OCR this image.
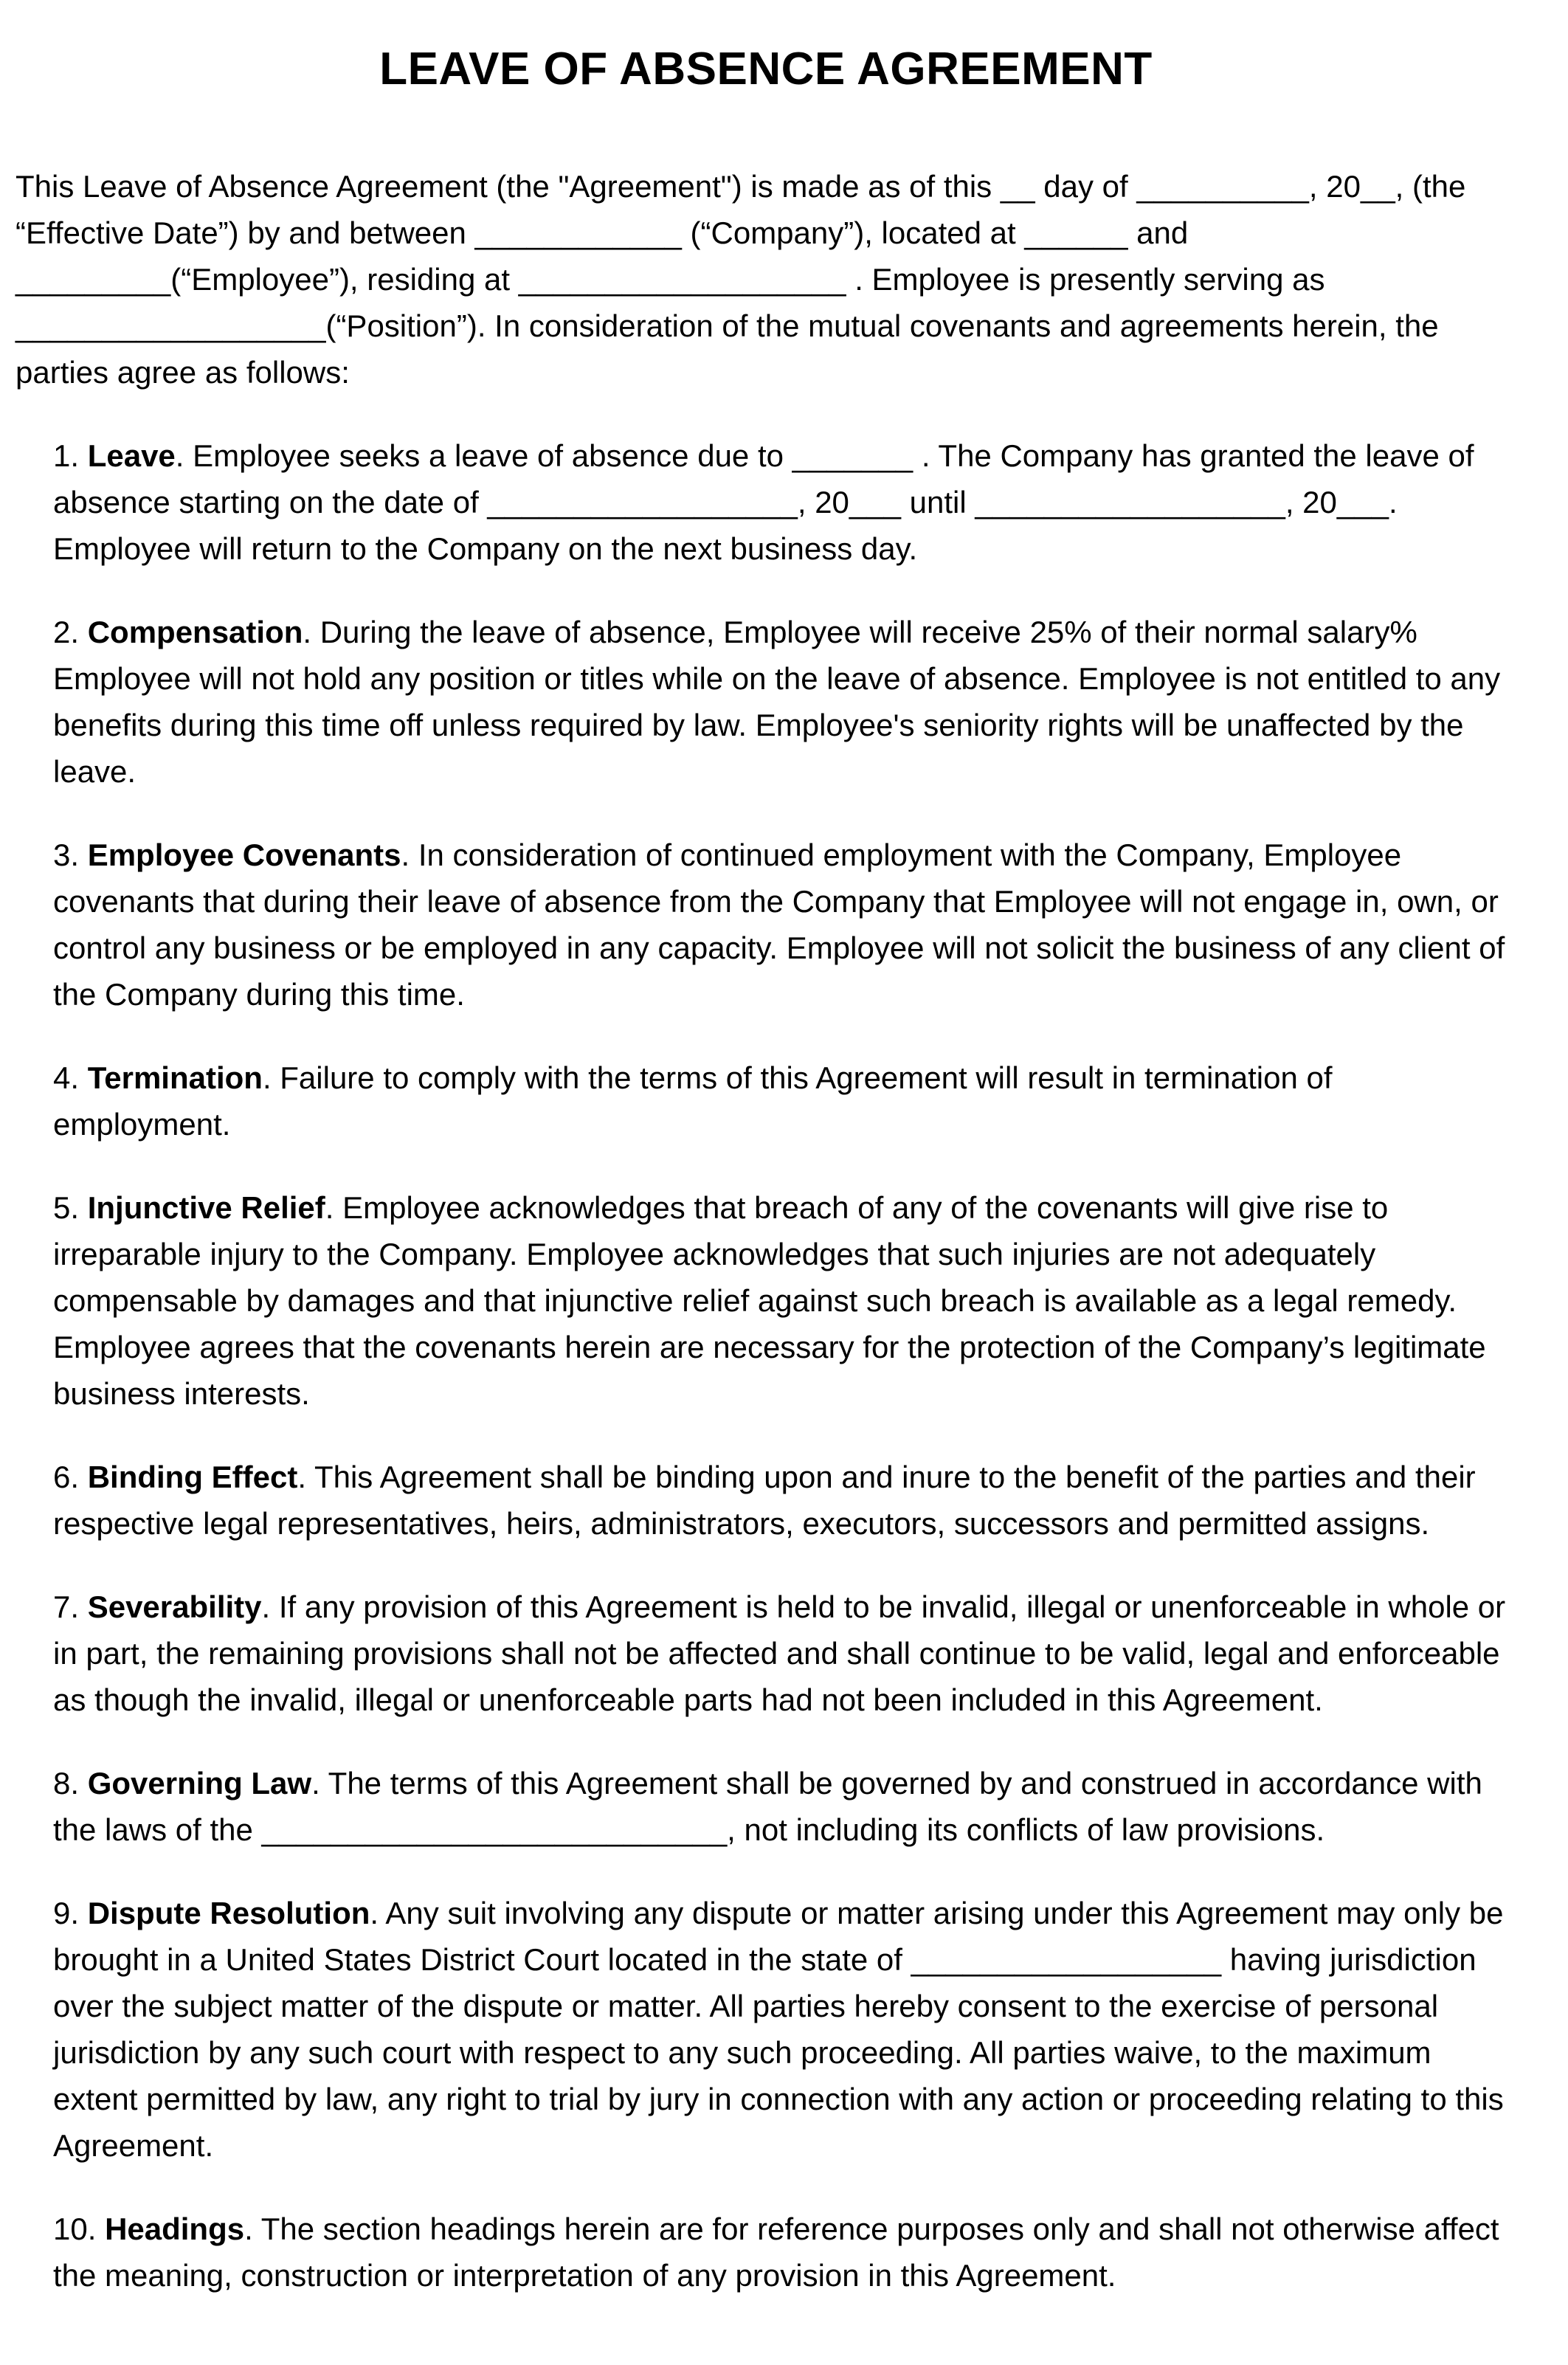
LEAVE OF ABSENCE AGREEMENT

This Leave of Absence Agreement (the "Agreement") is made as of this __ day of __________, 20__, (the “Effective Date”) by and between ____________ (“Company”), located at ______ and _________(“Employee”), residing at ___________________ . Employee is presently serving as __________________(“Position”). In consideration of the mutual covenants and agreements herein, the parties agree as follows:

1. Leave. Employee seeks a leave of absence due to _______ . The Company has granted the leave of absence starting on the date of __________________, 20___ until __________________, 20___. Employee will return to the Company on the next business day.

2. Compensation. During the leave of absence, Employee will receive 25% of their normal salary% Employee will not hold any position or titles while on the leave of absence. Employee is not entitled to any benefits during this time off unless required by law. Employee's seniority rights will be unaffected by the leave.

3. Employee Covenants. In consideration of continued employment with the Company, Employee covenants that during their leave of absence from the Company that Employee will not engage in, own, or control any business or be employed in any capacity. Employee will not solicit the business of any client of the Company during this time.

4. Termination. Failure to comply with the terms of this Agreement will result in termination of employment.

5. Injunctive Relief. Employee acknowledges that breach of any of the covenants will give rise to irreparable injury to the Company. Employee acknowledges that such injuries are not adequately compensable by damages and that injunctive relief against such breach is available as a legal remedy. Employee agrees that the covenants herein are necessary for the protection of the Company’s legitimate business interests.

6. Binding Effect. This Agreement shall be binding upon and inure to the benefit of the parties and their respective legal representatives, heirs, administrators, executors, successors and permitted assigns.

7. Severability. If any provision of this Agreement is held to be invalid, illegal or unenforceable in whole or in part, the remaining provisions shall not be affected and shall continue to be valid, legal and enforceable as though the invalid, illegal or unenforceable parts had not been included in this Agreement.

8. Governing Law. The terms of this Agreement shall be governed by and construed in accordance with the laws of the ___________________________, not including its conflicts of law provisions.

9. Dispute Resolution. Any suit involving any dispute or matter arising under this Agreement may only be brought in a United States District Court located in the state of __________________ having jurisdiction over the subject matter of the dispute or matter. All parties hereby consent to the exercise of personal jurisdiction by any such court with respect to any such proceeding. All parties waive, to the maximum extent permitted by law, any right to trial by jury in connection with any action or proceeding relating to this Agreement.

10. Headings. The section headings herein are for reference purposes only and shall not otherwise affect the meaning, construction or interpretation of any provision in this Agreement.
